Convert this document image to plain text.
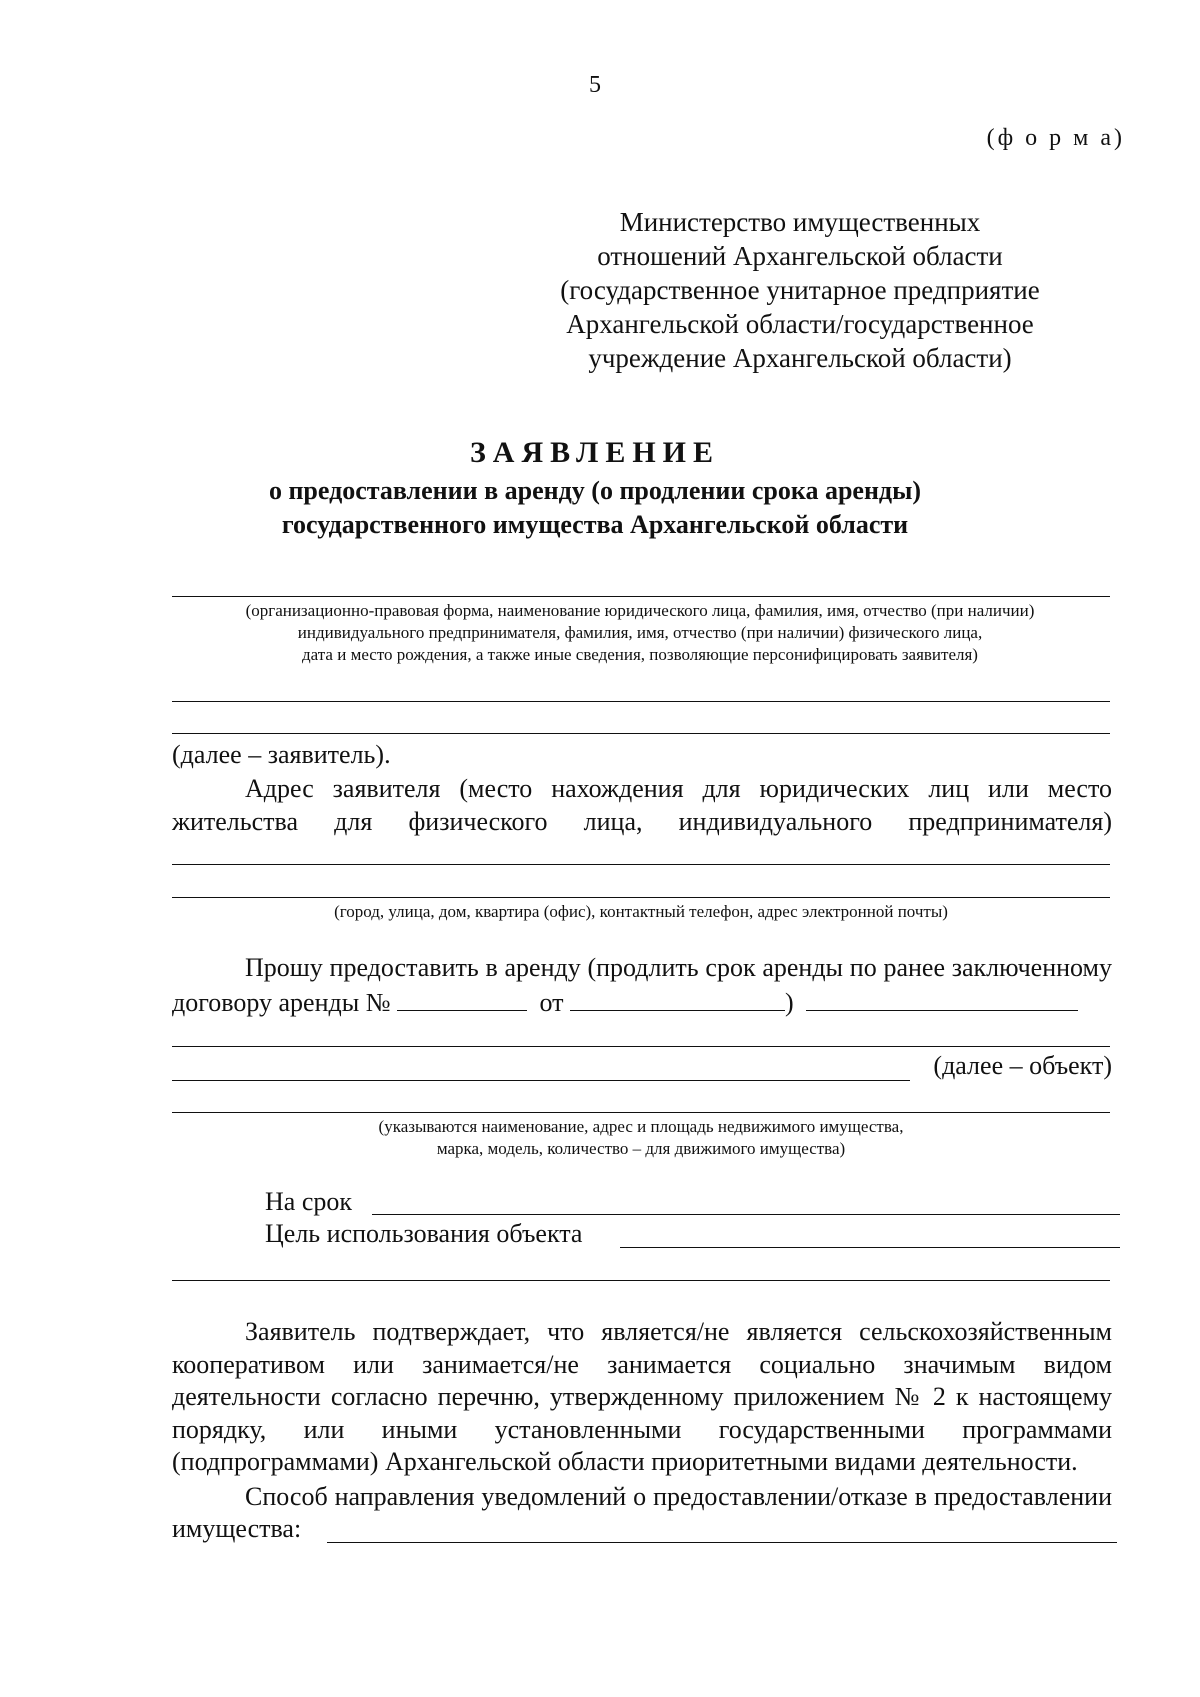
5
(ф о р м а)
Министерство имущественных
отношений Архангельской области
(государственное унитарное предприятие
Архангельской области/государственное
учреждение Архангельской области)
ЗАЯВЛЕНИЕ
о предоставлении в аренду (о продлении срока аренды)
государственного имущества Архангельской области
(организационно-правовая форма, наименование юридического лица, фамилия, имя, отчество (при наличии)
индивидуального предпринимателя, фамилия, имя, отчество (при наличии) физического лица,
дата и место рождения, а также иные сведения, позволяющие персонифицировать заявителя)
(далее – заявитель).
Адрес заявителя (место нахождения для юридических лиц или место
жительства для физического лица, индивидуального предпринимателя)
(город, улица, дом, квартира (офис), контактный телефон, адрес электронной почты)
Прошу предоставить в аренду (продлить срок аренды по ранее заключенному
договору аренды №	от	)
(далее – объект)
(указываются наименование, адрес и площадь недвижимого имущества,
марка, модель, количество – для движимого имущества)
На срок
Цель использования объекта
Заявитель подтверждает, что является/не является сельскохозяйственным
кооперативом или занимается/не занимается социально значимым видом
деятельности согласно перечню, утвержденному приложением № 2 к настоящему
порядку, или иными установленными государственными программами
(подпрограммами) Архангельской области приоритетными видами деятельности.
Способ направления уведомлений о предоставлении/отказе в предоставлении
имущества:
